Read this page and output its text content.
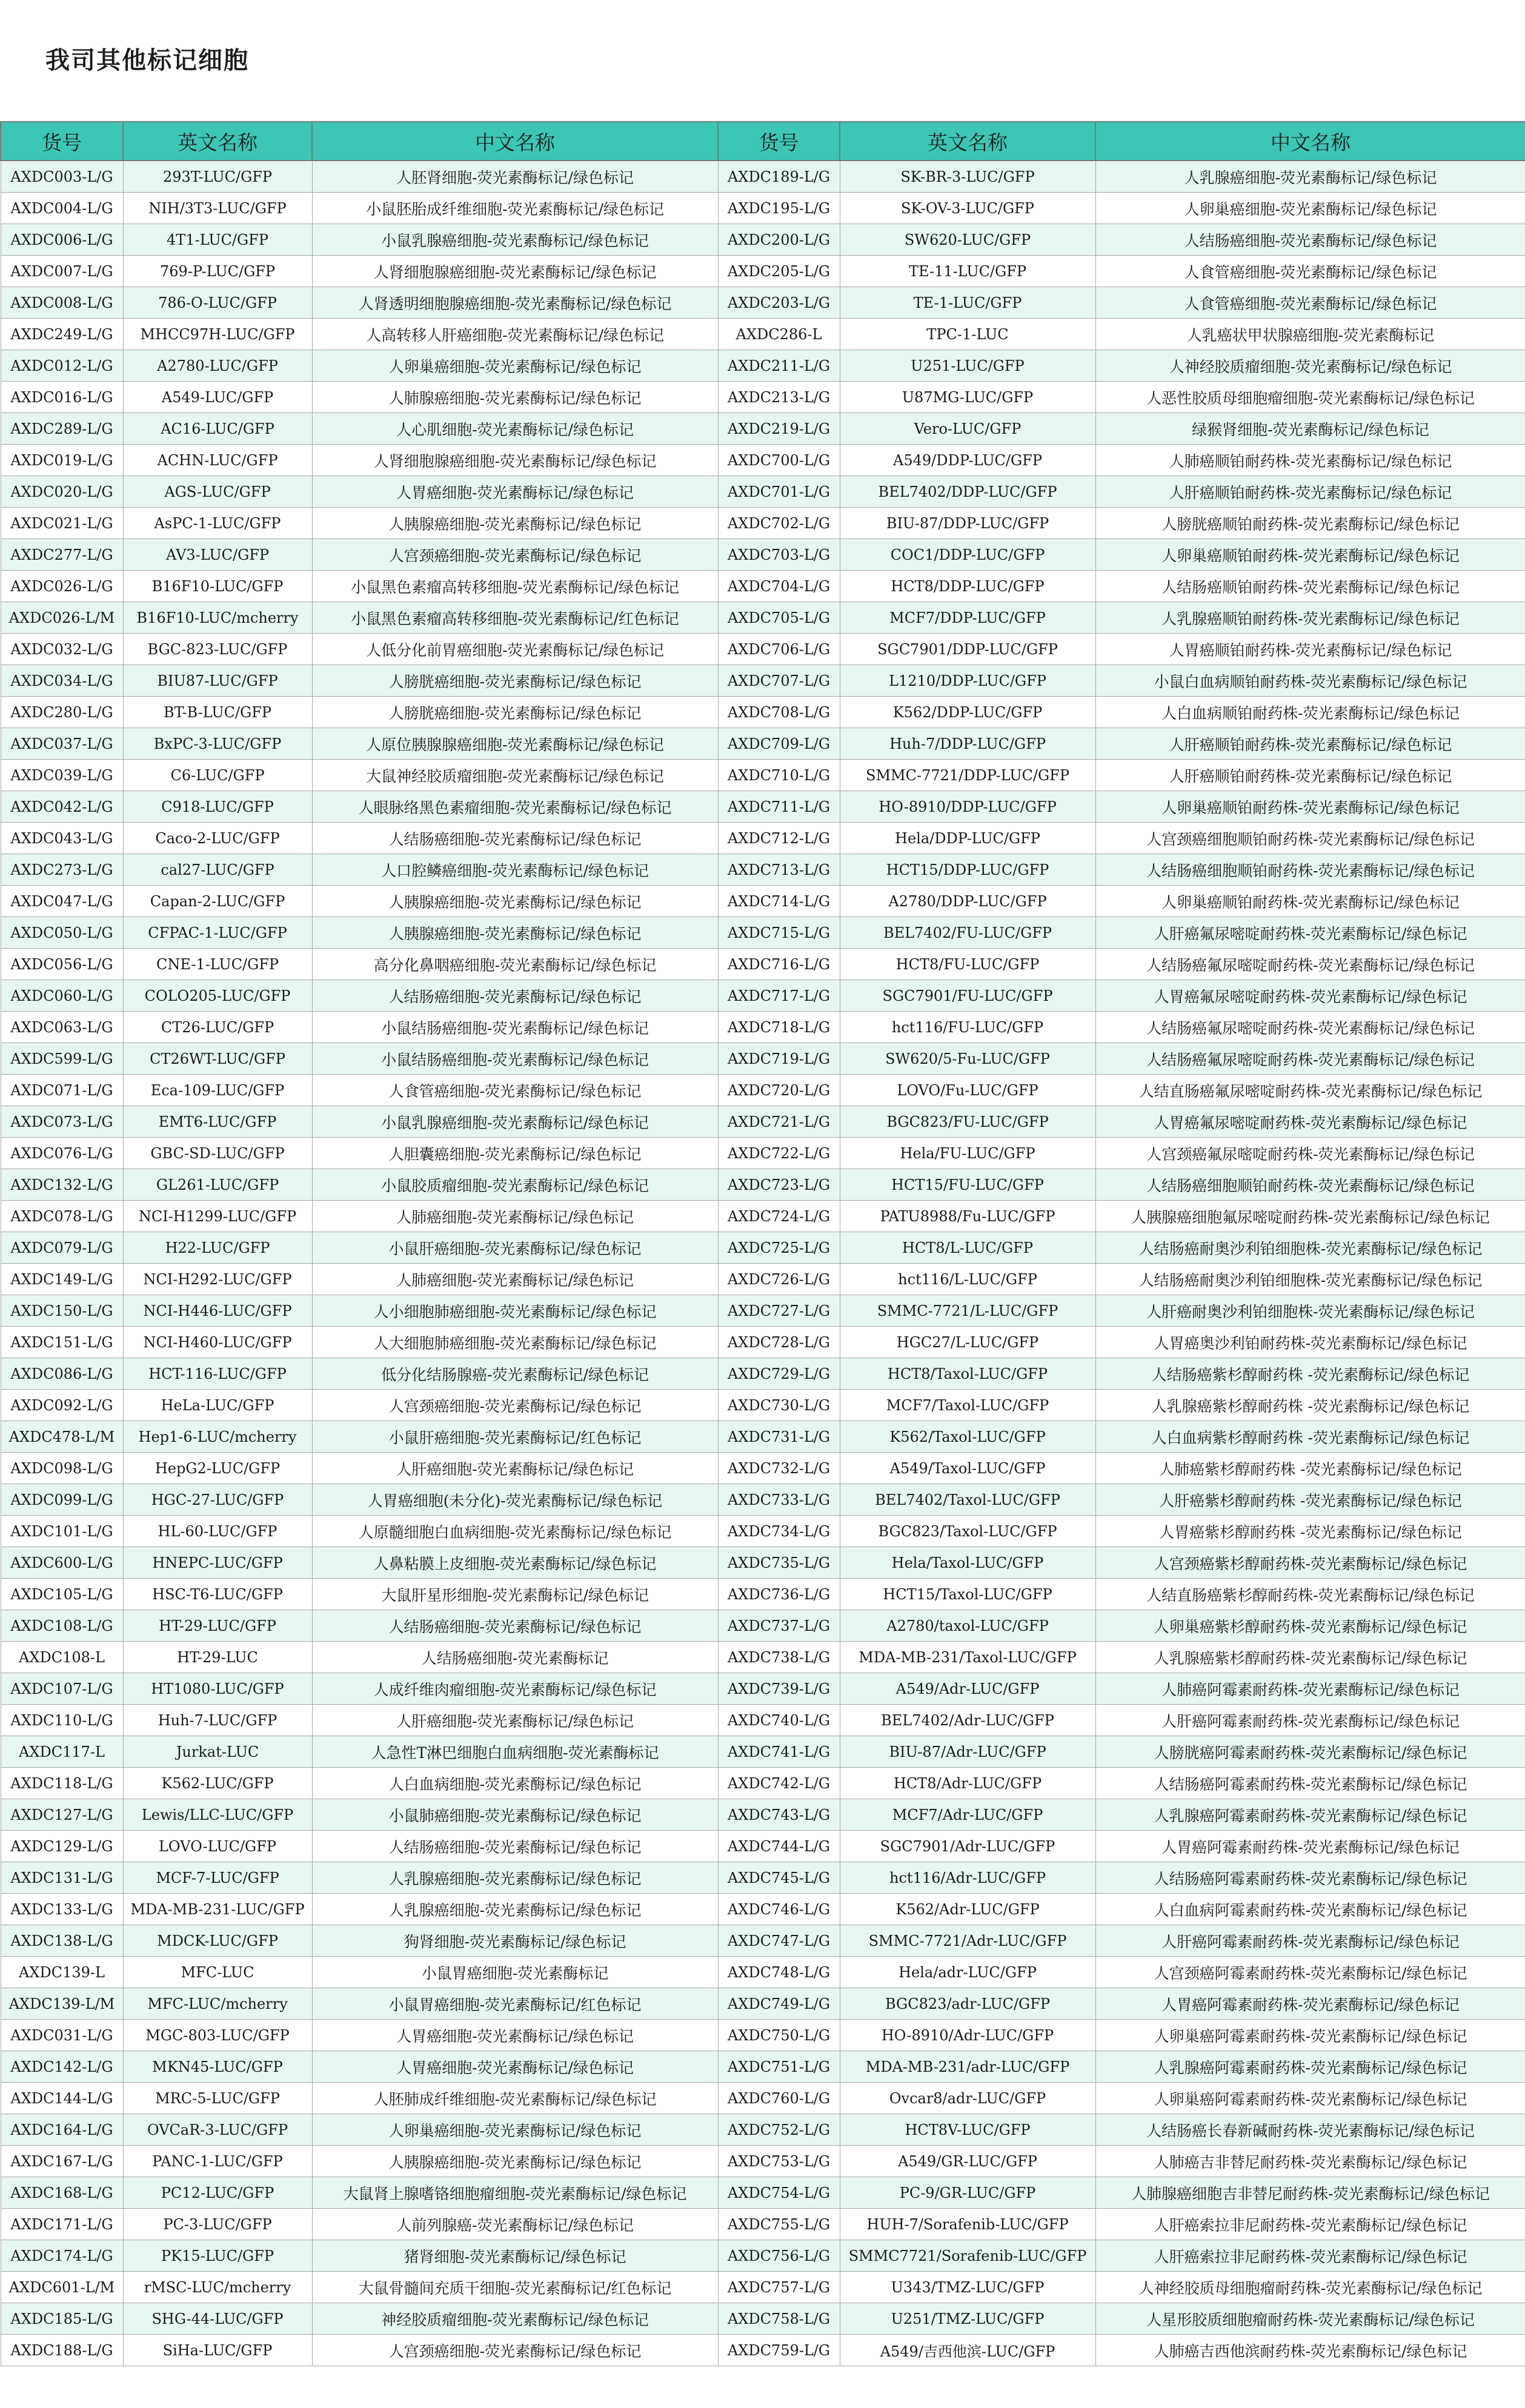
我司其他标记细胞
货号	英文名称	中文名称	货号	英文名称	中文名称
AXDC003-L/G	293T-LUC/GFP	人胚肾细胞-荧光素酶标记/绿色标记	AXDC189-L/G	SK-BR-3-LUC/GFP	人乳腺癌细胞-荧光素酶标记/绿色标记
AXDC004-L/G	NIH/3T3-LUC/GFP	小鼠胚胎成纤维细胞-荧光素酶标记/绿色标记	AXDC195-L/G	SK-OV-3-LUC/GFP	人卵巢癌细胞-荧光素酶标记/绿色标记
AXDC006-L/G	4T1-LUC/GFP	小鼠乳腺癌细胞-荧光素酶标记/绿色标记	AXDC200-L/G	SW620-LUC/GFP	人结肠癌细胞-荧光素酶标记/绿色标记
AXDC007-L/G	769-P-LUC/GFP	人肾细胞腺癌细胞-荧光素酶标记/绿色标记	AXDC205-L/G	TE-11-LUC/GFP	人食管癌细胞-荧光素酶标记/绿色标记
AXDC008-L/G	786-O-LUC/GFP	人肾透明细胞腺癌细胞-荧光素酶标记/绿色标记	AXDC203-L/G	TE-1-LUC/GFP	人食管癌细胞-荧光素酶标记/绿色标记
AXDC249-L/G	MHCC97H-LUC/GFP	人高转移人肝癌细胞-荧光素酶标记/绿色标记	AXDC286-L	TPC-1-LUC	人乳癌状甲状腺癌细胞-荧光素酶标记
AXDC012-L/G	A2780-LUC/GFP	人卵巢癌细胞-荧光素酶标记/绿色标记	AXDC211-L/G	U251-LUC/GFP	人神经胶质瘤细胞-荧光素酶标记/绿色标记
AXDC016-L/G	A549-LUC/GFP	人肺腺癌细胞-荧光素酶标记/绿色标记	AXDC213-L/G	U87MG-LUC/GFP	人恶性胶质母细胞瘤细胞-荧光素酶标记/绿色标记
AXDC289-L/G	AC16-LUC/GFP	人心肌细胞-荧光素酶标记/绿色标记	AXDC219-L/G	Vero-LUC/GFP	绿猴肾细胞-荧光素酶标记/绿色标记
AXDC019-L/G	ACHN-LUC/GFP	人肾细胞腺癌细胞-荧光素酶标记/绿色标记	AXDC700-L/G	A549/DDP-LUC/GFP	人肺癌顺铂耐药株-荧光素酶标记/绿色标记
AXDC020-L/G	AGS-LUC/GFP	人胃癌细胞-荧光素酶标记/绿色标记	AXDC701-L/G	BEL7402/DDP-LUC/GFP	人肝癌顺铂耐药株-荧光素酶标记/绿色标记
AXDC021-L/G	AsPC-1-LUC/GFP	人胰腺癌细胞-荧光素酶标记/绿色标记	AXDC702-L/G	BIU-87/DDP-LUC/GFP	人膀胱癌顺铂耐药株-荧光素酶标记/绿色标记
AXDC277-L/G	AV3-LUC/GFP	人宫颈癌细胞-荧光素酶标记/绿色标记	AXDC703-L/G	COC1/DDP-LUC/GFP	人卵巢癌顺铂耐药株-荧光素酶标记/绿色标记
AXDC026-L/G	B16F10-LUC/GFP	小鼠黑色素瘤高转移细胞-荧光素酶标记/绿色标记	AXDC704-L/G	HCT8/DDP-LUC/GFP	人结肠癌顺铂耐药株-荧光素酶标记/绿色标记
AXDC026-L/M	B16F10-LUC/mcherry	小鼠黑色素瘤高转移细胞-荧光素酶标记/红色标记	AXDC705-L/G	MCF7/DDP-LUC/GFP	人乳腺癌顺铂耐药株-荧光素酶标记/绿色标记
AXDC032-L/G	BGC-823-LUC/GFP	人低分化前胃癌细胞-荧光素酶标记/绿色标记	AXDC706-L/G	SGC7901/DDP-LUC/GFP	人胃癌顺铂耐药株-荧光素酶标记/绿色标记
AXDC034-L/G	BIU87-LUC/GFP	人膀胱癌细胞-荧光素酶标记/绿色标记	AXDC707-L/G	L1210/DDP-LUC/GFP	小鼠白血病顺铂耐药株-荧光素酶标记/绿色标记
AXDC280-L/G	BT-B-LUC/GFP	人膀胱癌细胞-荧光素酶标记/绿色标记	AXDC708-L/G	K562/DDP-LUC/GFP	人白血病顺铂耐药株-荧光素酶标记/绿色标记
AXDC037-L/G	BxPC-3-LUC/GFP	人原位胰腺腺癌细胞-荧光素酶标记/绿色标记	AXDC709-L/G	Huh-7/DDP-LUC/GFP	人肝癌顺铂耐药株-荧光素酶标记/绿色标记
AXDC039-L/G	C6-LUC/GFP	大鼠神经胶质瘤细胞-荧光素酶标记/绿色标记	AXDC710-L/G	SMMC-7721/DDP-LUC/GFP	人肝癌顺铂耐药株-荧光素酶标记/绿色标记
AXDC042-L/G	C918-LUC/GFP	人眼脉络黑色素瘤细胞-荧光素酶标记/绿色标记	AXDC711-L/G	HO-8910/DDP-LUC/GFP	人卵巢癌顺铂耐药株-荧光素酶标记/绿色标记
AXDC043-L/G	Caco-2-LUC/GFP	人结肠癌细胞-荧光素酶标记/绿色标记	AXDC712-L/G	Hela/DDP-LUC/GFP	人宫颈癌细胞顺铂耐药株-荧光素酶标记/绿色标记
AXDC273-L/G	cal27-LUC/GFP	人口腔鳞癌细胞-荧光素酶标记/绿色标记	AXDC713-L/G	HCT15/DDP-LUC/GFP	人结肠癌细胞顺铂耐药株-荧光素酶标记/绿色标记
AXDC047-L/G	Capan-2-LUC/GFP	人胰腺癌细胞-荧光素酶标记/绿色标记	AXDC714-L/G	A2780/DDP-LUC/GFP	人卵巢癌顺铂耐药株-荧光素酶标记/绿色标记
AXDC050-L/G	CFPAC-1-LUC/GFP	人胰腺癌细胞-荧光素酶标记/绿色标记	AXDC715-L/G	BEL7402/FU-LUC/GFP	人肝癌氟尿嘧啶耐药株-荧光素酶标记/绿色标记
AXDC056-L/G	CNE-1-LUC/GFP	高分化鼻咽癌细胞-荧光素酶标记/绿色标记	AXDC716-L/G	HCT8/FU-LUC/GFP	人结肠癌氟尿嘧啶耐药株-荧光素酶标记/绿色标记
AXDC060-L/G	COLO205-LUC/GFP	人结肠癌细胞-荧光素酶标记/绿色标记	AXDC717-L/G	SGC7901/FU-LUC/GFP	人胃癌氟尿嘧啶耐药株-荧光素酶标记/绿色标记
AXDC063-L/G	CT26-LUC/GFP	小鼠结肠癌细胞-荧光素酶标记/绿色标记	AXDC718-L/G	hct116/FU-LUC/GFP	人结肠癌氟尿嘧啶耐药株-荧光素酶标记/绿色标记
AXDC599-L/G	CT26WT-LUC/GFP	小鼠结肠癌细胞-荧光素酶标记/绿色标记	AXDC719-L/G	SW620/5-Fu-LUC/GFP	人结肠癌氟尿嘧啶耐药株-荧光素酶标记/绿色标记
AXDC071-L/G	Eca-109-LUC/GFP	人食管癌细胞-荧光素酶标记/绿色标记	AXDC720-L/G	LOVO/Fu-LUC/GFP	人结直肠癌氟尿嘧啶耐药株-荧光素酶标记/绿色标记
AXDC073-L/G	EMT6-LUC/GFP	小鼠乳腺癌细胞-荧光素酶标记/绿色标记	AXDC721-L/G	BGC823/FU-LUC/GFP	人胃癌氟尿嘧啶耐药株-荧光素酶标记/绿色标记
AXDC076-L/G	GBC-SD-LUC/GFP	人胆囊癌细胞-荧光素酶标记/绿色标记	AXDC722-L/G	Hela/FU-LUC/GFP	人宫颈癌氟尿嘧啶耐药株-荧光素酶标记/绿色标记
AXDC132-L/G	GL261-LUC/GFP	小鼠胶质瘤细胞-荧光素酶标记/绿色标记	AXDC723-L/G	HCT15/FU-LUC/GFP	人结肠癌细胞顺铂耐药株-荧光素酶标记/绿色标记
AXDC078-L/G	NCI-H1299-LUC/GFP	人肺癌细胞-荧光素酶标记/绿色标记	AXDC724-L/G	PATU8988/Fu-LUC/GFP	人胰腺癌细胞氟尿嘧啶耐药株-荧光素酶标记/绿色标记
AXDC079-L/G	H22-LUC/GFP	小鼠肝癌细胞-荧光素酶标记/绿色标记	AXDC725-L/G	HCT8/L-LUC/GFP	人结肠癌耐奥沙利铂细胞株-荧光素酶标记/绿色标记
AXDC149-L/G	NCI-H292-LUC/GFP	人肺癌细胞-荧光素酶标记/绿色标记	AXDC726-L/G	hct116/L-LUC/GFP	人结肠癌耐奥沙利铂细胞株-荧光素酶标记/绿色标记
AXDC150-L/G	NCI-H446-LUC/GFP	人小细胞肺癌细胞-荧光素酶标记/绿色标记	AXDC727-L/G	SMMC-7721/L-LUC/GFP	人肝癌耐奥沙利铂细胞株-荧光素酶标记/绿色标记
AXDC151-L/G	NCI-H460-LUC/GFP	人大细胞肺癌细胞-荧光素酶标记/绿色标记	AXDC728-L/G	HGC27/L-LUC/GFP	人胃癌奥沙利铂耐药株-荧光素酶标记/绿色标记
AXDC086-L/G	HCT-116-LUC/GFP	低分化结肠腺癌-荧光素酶标记/绿色标记	AXDC729-L/G	HCT8/Taxol-LUC/GFP	人结肠癌紫杉醇耐药株 -荧光素酶标记/绿色标记
AXDC092-L/G	HeLa-LUC/GFP	人宫颈癌细胞-荧光素酶标记/绿色标记	AXDC730-L/G	MCF7/Taxol-LUC/GFP	人乳腺癌紫杉醇耐药株 -荧光素酶标记/绿色标记
AXDC478-L/M	Hep1-6-LUC/mcherry	小鼠肝癌细胞-荧光素酶标记/红色标记	AXDC731-L/G	K562/Taxol-LUC/GFP	人白血病紫杉醇耐药株 -荧光素酶标记/绿色标记
AXDC098-L/G	HepG2-LUC/GFP	人肝癌细胞-荧光素酶标记/绿色标记	AXDC732-L/G	A549/Taxol-LUC/GFP	人肺癌紫杉醇耐药株 -荧光素酶标记/绿色标记
AXDC099-L/G	HGC-27-LUC/GFP	人胃癌细胞(未分化)-荧光素酶标记/绿色标记	AXDC733-L/G	BEL7402/Taxol-LUC/GFP	人肝癌紫杉醇耐药株 -荧光素酶标记/绿色标记
AXDC101-L/G	HL-60-LUC/GFP	人原髓细胞白血病细胞-荧光素酶标记/绿色标记	AXDC734-L/G	BGC823/Taxol-LUC/GFP	人胃癌紫杉醇耐药株 -荧光素酶标记/绿色标记
AXDC600-L/G	HNEPC-LUC/GFP	人鼻粘膜上皮细胞-荧光素酶标记/绿色标记	AXDC735-L/G	Hela/Taxol-LUC/GFP	人宫颈癌紫杉醇耐药株-荧光素酶标记/绿色标记
AXDC105-L/G	HSC-T6-LUC/GFP	大鼠肝星形细胞-荧光素酶标记/绿色标记	AXDC736-L/G	HCT15/Taxol-LUC/GFP	人结直肠癌紫杉醇耐药株-荧光素酶标记/绿色标记
AXDC108-L/G	HT-29-LUC/GFP	人结肠癌细胞-荧光素酶标记/绿色标记	AXDC737-L/G	A2780/taxol-LUC/GFP	人卵巢癌紫杉醇耐药株-荧光素酶标记/绿色标记
AXDC108-L	HT-29-LUC	人结肠癌细胞-荧光素酶标记	AXDC738-L/G	MDA-MB-231/Taxol-LUC/GFP	人乳腺癌紫杉醇耐药株-荧光素酶标记/绿色标记
AXDC107-L/G	HT1080-LUC/GFP	人成纤维肉瘤细胞-荧光素酶标记/绿色标记	AXDC739-L/G	A549/Adr-LUC/GFP	人肺癌阿霉素耐药株-荧光素酶标记/绿色标记
AXDC110-L/G	Huh-7-LUC/GFP	人肝癌细胞-荧光素酶标记/绿色标记	AXDC740-L/G	BEL7402/Adr-LUC/GFP	人肝癌阿霉素耐药株-荧光素酶标记/绿色标记
AXDC117-L	Jurkat-LUC	人急性T淋巴细胞白血病细胞-荧光素酶标记	AXDC741-L/G	BIU-87/Adr-LUC/GFP	人膀胱癌阿霉素耐药株-荧光素酶标记/绿色标记
AXDC118-L/G	K562-LUC/GFP	人白血病细胞-荧光素酶标记/绿色标记	AXDC742-L/G	HCT8/Adr-LUC/GFP	人结肠癌阿霉素耐药株-荧光素酶标记/绿色标记
AXDC127-L/G	Lewis/LLC-LUC/GFP	小鼠肺癌细胞-荧光素酶标记/绿色标记	AXDC743-L/G	MCF7/Adr-LUC/GFP	人乳腺癌阿霉素耐药株-荧光素酶标记/绿色标记
AXDC129-L/G	LOVO-LUC/GFP	人结肠癌细胞-荧光素酶标记/绿色标记	AXDC744-L/G	SGC7901/Adr-LUC/GFP	人胃癌阿霉素耐药株-荧光素酶标记/绿色标记
AXDC131-L/G	MCF-7-LUC/GFP	人乳腺癌细胞-荧光素酶标记/绿色标记	AXDC745-L/G	hct116/Adr-LUC/GFP	人结肠癌阿霉素耐药株-荧光素酶标记/绿色标记
AXDC133-L/G	MDA-MB-231-LUC/GFP	人乳腺癌细胞-荧光素酶标记/绿色标记	AXDC746-L/G	K562/Adr-LUC/GFP	人白血病阿霉素耐药株-荧光素酶标记/绿色标记
AXDC138-L/G	MDCK-LUC/GFP	狗肾细胞-荧光素酶标记/绿色标记	AXDC747-L/G	SMMC-7721/Adr-LUC/GFP	人肝癌阿霉素耐药株-荧光素酶标记/绿色标记
AXDC139-L	MFC-LUC	小鼠胃癌细胞-荧光素酶标记	AXDC748-L/G	Hela/adr-LUC/GFP	人宫颈癌阿霉素耐药株-荧光素酶标记/绿色标记
AXDC139-L/M	MFC-LUC/mcherry	小鼠胃癌细胞-荧光素酶标记/红色标记	AXDC749-L/G	BGC823/adr-LUC/GFP	人胃癌阿霉素耐药株-荧光素酶标记/绿色标记
AXDC031-L/G	MGC-803-LUC/GFP	人胃癌细胞-荧光素酶标记/绿色标记	AXDC750-L/G	HO-8910/Adr-LUC/GFP	人卵巢癌阿霉素耐药株-荧光素酶标记/绿色标记
AXDC142-L/G	MKN45-LUC/GFP	人胃癌细胞-荧光素酶标记/绿色标记	AXDC751-L/G	MDA-MB-231/adr-LUC/GFP	人乳腺癌阿霉素耐药株-荧光素酶标记/绿色标记
AXDC144-L/G	MRC-5-LUC/GFP	人胚肺成纤维细胞-荧光素酶标记/绿色标记	AXDC760-L/G	Ovcar8/adr-LUC/GFP	人卵巢癌阿霉素耐药株-荧光素酶标记/绿色标记
AXDC164-L/G	OVCaR-3-LUC/GFP	人卵巢癌细胞-荧光素酶标记/绿色标记	AXDC752-L/G	HCT8V-LUC/GFP	人结肠癌长春新碱耐药株-荧光素酶标记/绿色标记
AXDC167-L/G	PANC-1-LUC/GFP	人胰腺癌细胞-荧光素酶标记/绿色标记	AXDC753-L/G	A549/GR-LUC/GFP	人肺癌吉非替尼耐药株-荧光素酶标记/绿色标记
AXDC168-L/G	PC12-LUC/GFP	大鼠肾上腺嗜铬细胞瘤细胞-荧光素酶标记/绿色标记	AXDC754-L/G	PC-9/GR-LUC/GFP	人肺腺癌细胞吉非替尼耐药株-荧光素酶标记/绿色标记
AXDC171-L/G	PC-3-LUC/GFP	人前列腺癌-荧光素酶标记/绿色标记	AXDC755-L/G	HUH-7/Sorafenib-LUC/GFP	人肝癌索拉非尼耐药株-荧光素酶标记/绿色标记
AXDC174-L/G	PK15-LUC/GFP	猪肾细胞-荧光素酶标记/绿色标记	AXDC756-L/G	SMMC7721/Sorafenib-LUC/GFP	人肝癌索拉非尼耐药株-荧光素酶标记/绿色标记
AXDC601-L/M	rMSC-LUC/mcherry	大鼠骨髓间充质干细胞-荧光素酶标记/红色标记	AXDC757-L/G	U343/TMZ-LUC/GFP	人神经胶质母细胞瘤耐药株-荧光素酶标记/绿色标记
AXDC185-L/G	SHG-44-LUC/GFP	神经胶质瘤细胞-荧光素酶标记/绿色标记	AXDC758-L/G	U251/TMZ-LUC/GFP	人星形胶质细胞瘤耐药株-荧光素酶标记/绿色标记
AXDC188-L/G	SiHa-LUC/GFP	人宫颈癌细胞-荧光素酶标记/绿色标记	AXDC759-L/G	A549/吉西他滨-LUC/GFP	人肺癌吉西他滨耐药株-荧光素酶标记/绿色标记
